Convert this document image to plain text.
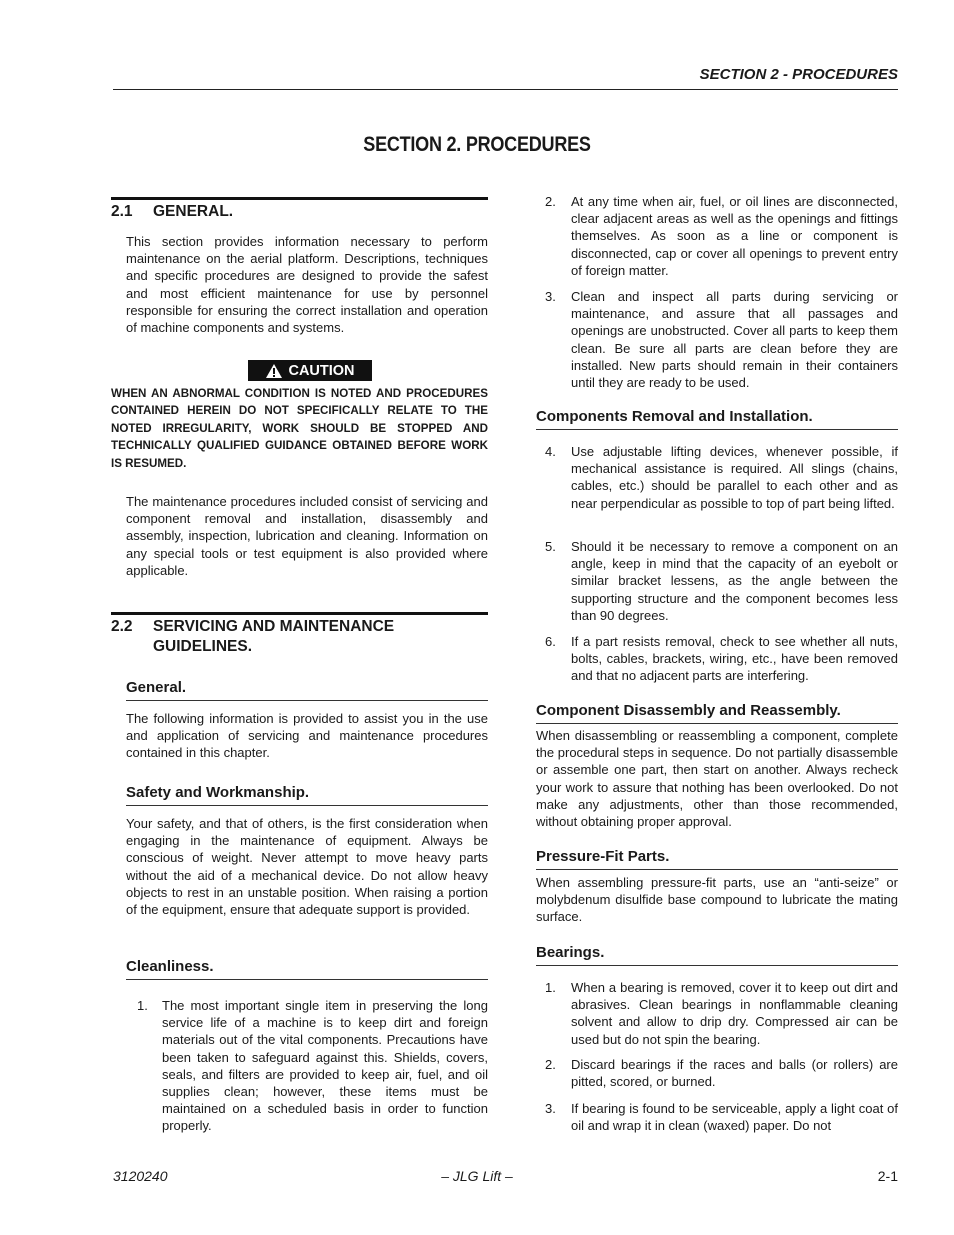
SECTION 2 - PROCEDURES
SECTION 2. PROCEDURES
2.1 GENERAL.
This section provides information necessary to perform maintenance on the aerial platform. Descriptions, techniques and specific procedures are designed to provide the safest and most efficient maintenance for use by personnel responsible for ensuring the correct installation and operation of machine components and systems.
CAUTION
WHEN AN ABNORMAL CONDITION IS NOTED AND PROCEDURES CONTAINED HEREIN DO NOT SPECIFICALLY RELATE TO THE NOTED IRREGULARITY, WORK SHOULD BE STOPPED AND TECHNICALLY QUALIFIED GUIDANCE OBTAINED BEFORE WORK IS RESUMED.
The maintenance procedures included consist of servicing and component removal and installation, disassembly and assembly, inspection, lubrication and cleaning. Information on any special tools or test equipment is also provided where applicable.
2.2 SERVICING AND MAINTENANCE
GUIDELINES.
General.
The following information is provided to assist you in the use and application of servicing and maintenance procedures contained in this chapter.
Safety and Workmanship.
Your safety, and that of others, is the first consideration when engaging in the maintenance of equipment. Always be conscious of weight. Never attempt to move heavy parts without the aid of a mechanical device. Do not allow heavy objects to rest in an unstable position. When raising a portion of the equipment, ensure that adequate support is provided.
Cleanliness.
1. The most important single item in preserving the long service life of a machine is to keep dirt and foreign materials out of the vital components. Precautions have been taken to safeguard against this. Shields, covers, seals, and filters are provided to keep air, fuel, and oil supplies clean; however, these items must be maintained on a scheduled basis in order to function properly.
2. At any time when air, fuel, or oil lines are disconnected, clear adjacent areas as well as the openings and fittings themselves. As soon as a line or component is disconnected, cap or cover all openings to prevent entry of foreign matter.
3. Clean and inspect all parts during servicing or maintenance, and assure that all passages and openings are unobstructed. Cover all parts to keep them clean. Be sure all parts are clean before they are installed. New parts should remain in their containers until they are ready to be used.
Components Removal and Installation.
4. Use adjustable lifting devices, whenever possible, if mechanical assistance is required. All slings (chains, cables, etc.) should be parallel to each other and as near perpendicular as possible to top of part being lifted.
5. Should it be necessary to remove a component on an angle, keep in mind that the capacity of an eyebolt or similar bracket lessens, as the angle between the supporting structure and the component becomes less than 90 degrees.
6. If a part resists removal, check to see whether all nuts, bolts, cables, brackets, wiring, etc., have been removed and that no adjacent parts are interfering.
Component Disassembly and Reassembly.
When disassembling or reassembling a component, complete the procedural steps in sequence. Do not partially disassemble or assemble one part, then start on another. Always recheck your work to assure that nothing has been overlooked. Do not make any adjustments, other than those recommended, without obtaining proper approval.
Pressure-Fit Parts.
When assembling pressure-fit parts, use an “anti-seize” or molybdenum disulfide base compound to lubricate the mating surface.
Bearings.
1. When a bearing is removed, cover it to keep out dirt and abrasives. Clean bearings in nonflammable cleaning solvent and allow to drip dry. Compressed air can be used but do not spin the bearing.
2. Discard bearings if the races and balls (or rollers) are pitted, scored, or burned.
3. If bearing is found to be serviceable, apply a light coat of oil and wrap it in clean (waxed) paper. Do not
3120240	– JLG Lift –	2-1
